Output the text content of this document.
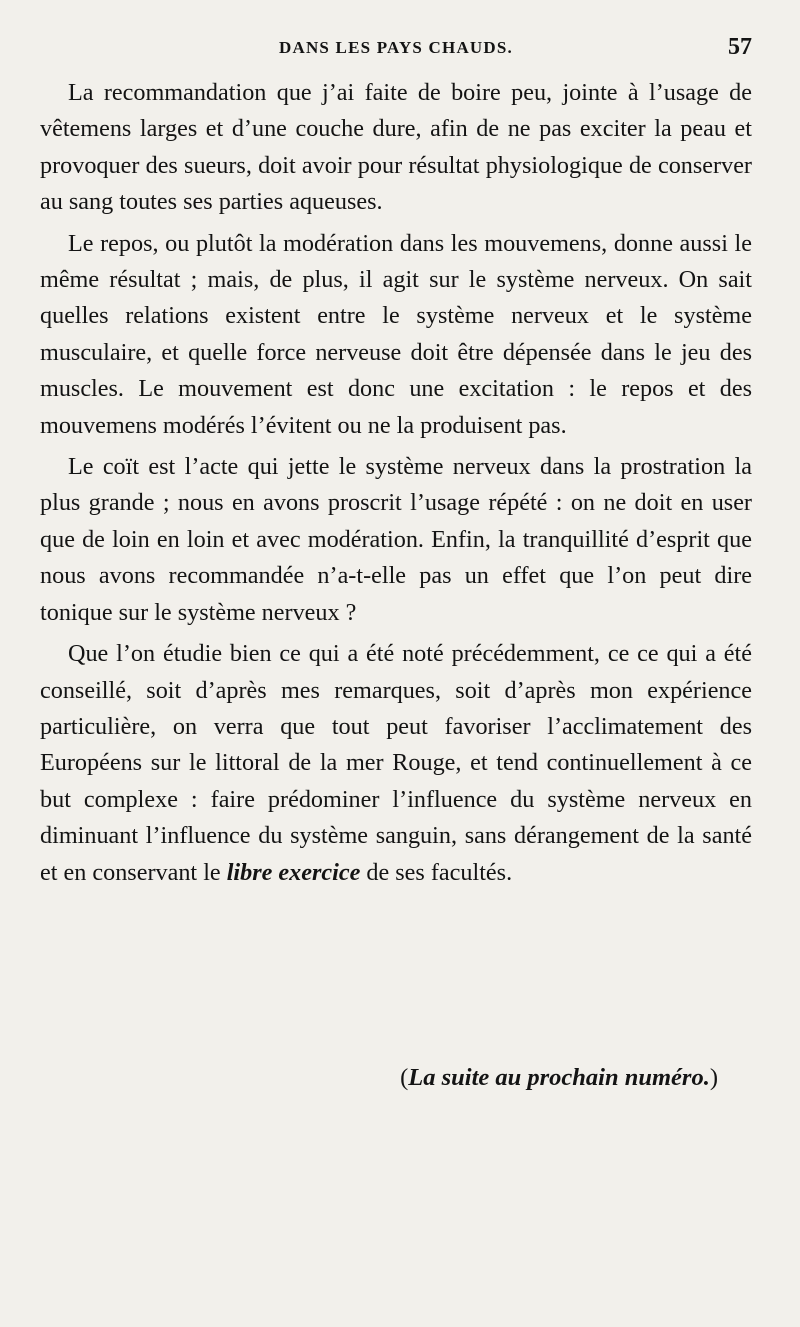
DANS LES PAYS CHAUDS.	57

La recommandation que j’ai faite de boire peu, jointe à l’usage de vêtemens larges et d’une couche dure, afin de ne pas exciter la peau et provoquer des sueurs, doit avoir pour résultat physiologique de conserver au sang toutes ses parties aqueuses.

Le repos, ou plutôt la modération dans les mouvemens, donne aussi le même résultat ; mais, de plus, il agit sur le système nerveux. On sait quelles relations existent entre le système nerveux et le système musculaire, et quelle force nerveuse doit être dépensée dans le jeu des muscles. Le mouvement est donc une excitation : le repos et des mouvemens modérés l’évitent ou ne la produisent pas.

Le coït est l’acte qui jette le système nerveux dans la prostration la plus grande ; nous en avons proscrit l’usage répété : on ne doit en user que de loin en loin et avec modération. Enfin, la tranquillité d’esprit que nous avons recommandée n’a-t-elle pas un effet que l’on peut dire tonique sur le système nerveux ?

Que l’on étudie bien ce qui a été noté précédemment, ce ce qui a été conseillé, soit d’après mes remarques, soit d’après mon expérience particulière, on verra que tout peut favoriser l’acclimatement des Européens sur le littoral de la mer Rouge, et tend continuellement à ce but complexe : faire prédominer l’influence du système nerveux en diminuant l’influence du système sanguin, sans dérangement de la santé et en conservant le libre exercice de ses facultés.

(La suite au prochain numéro.)
